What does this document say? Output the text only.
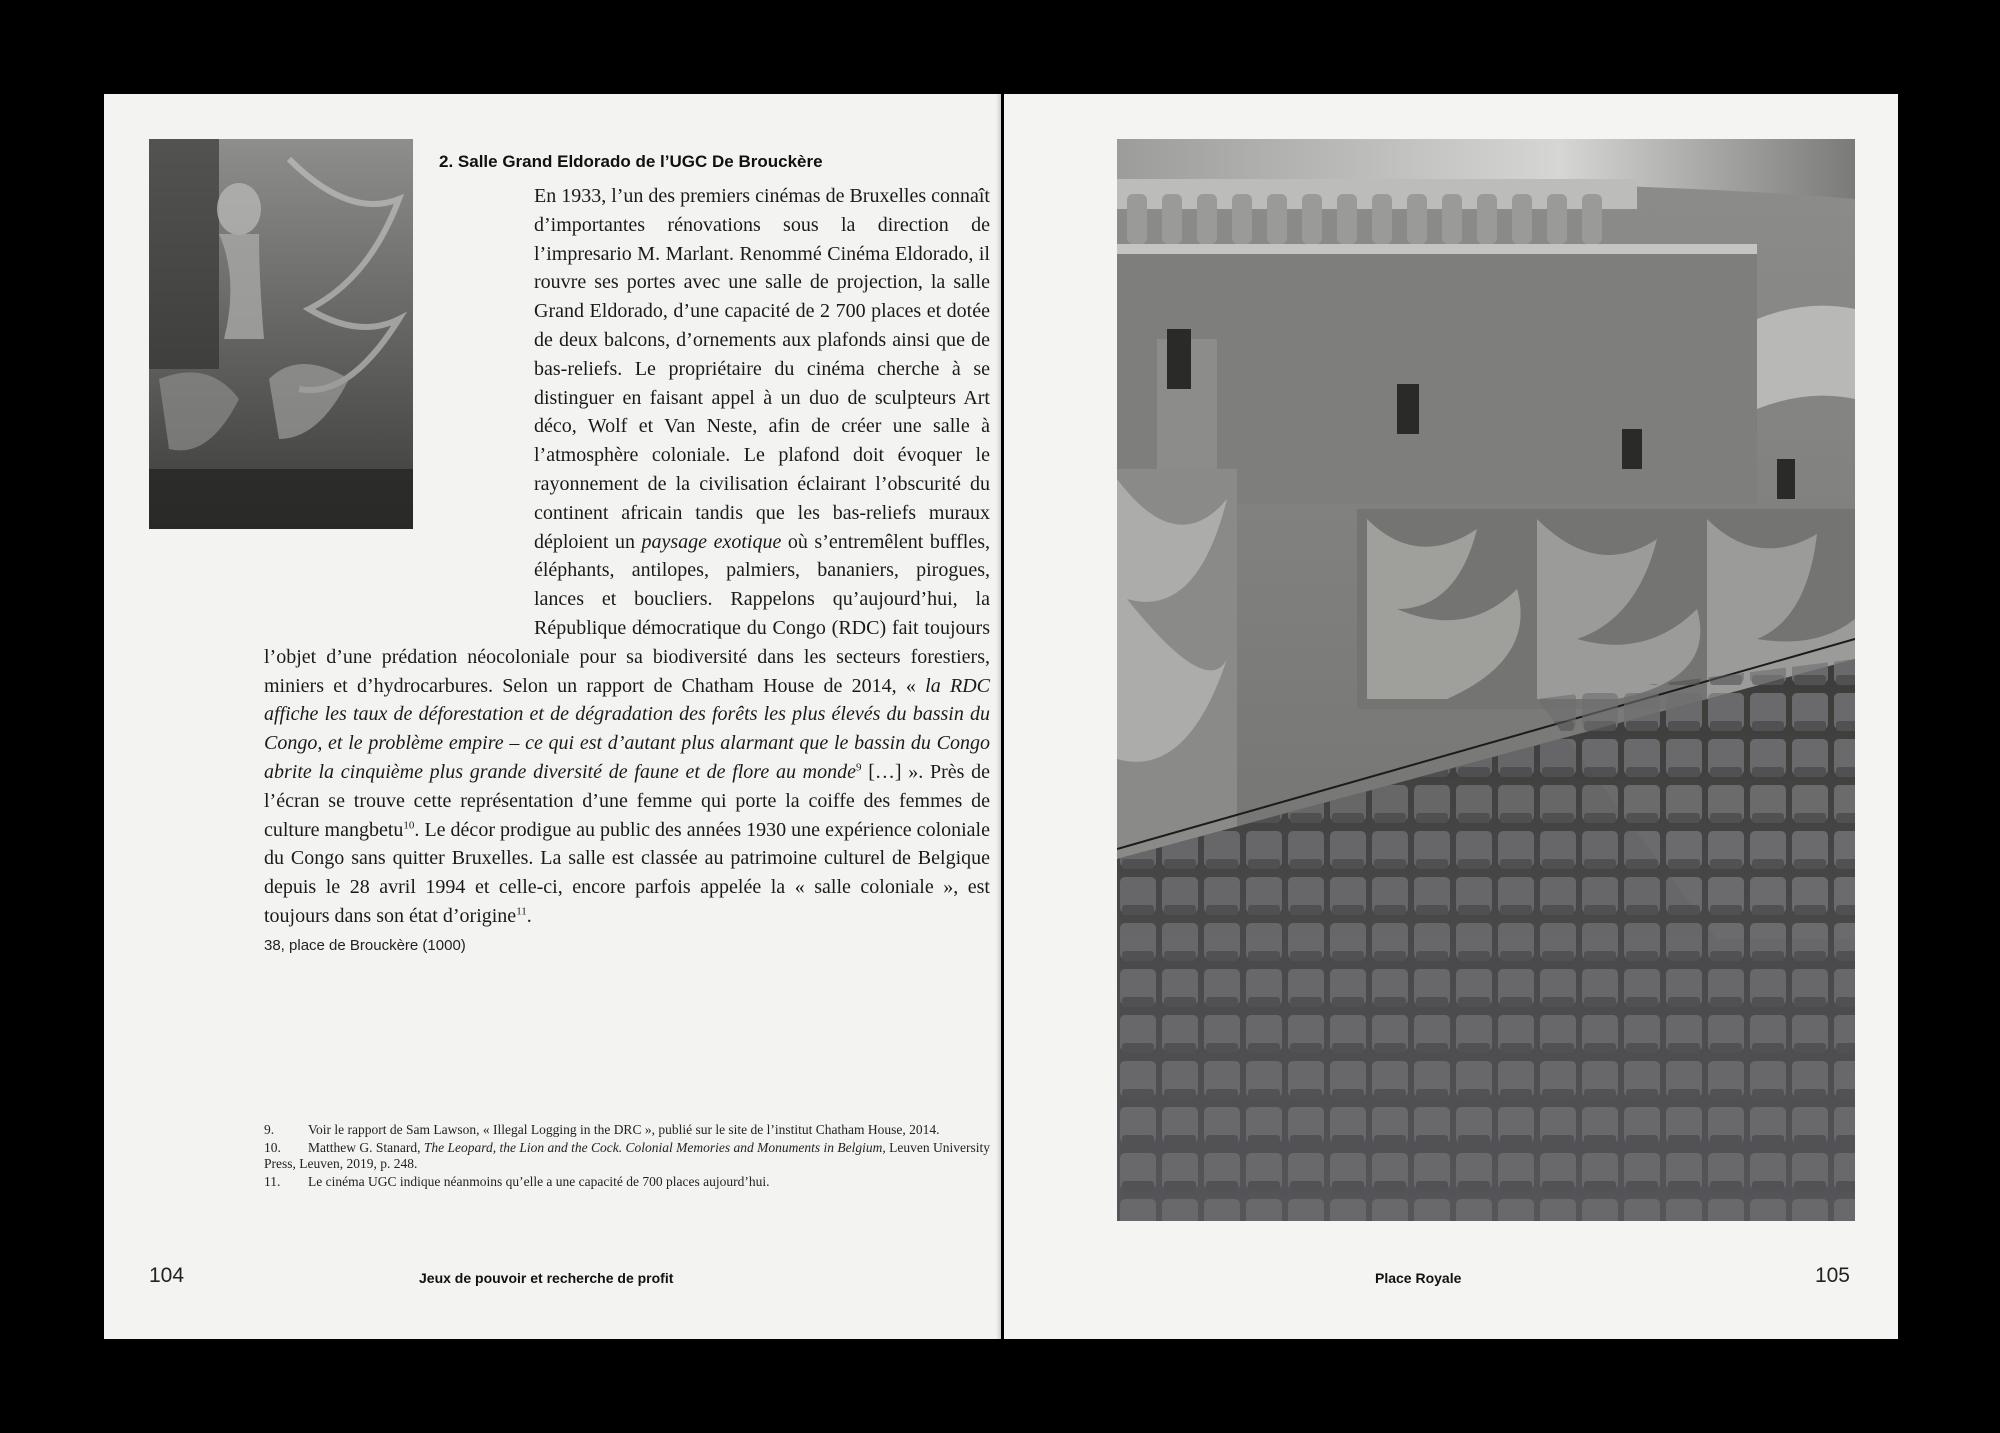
2. Salle Grand Eldorado de l’UGC De Brouckère

En 1933, l’un des premiers cinémas de Bruxelles connaît d’importantes rénovations sous la direction de l’impresario M. Marlant. Renommé Cinéma Eldorado, il rouvre ses portes avec une salle de projection, la salle Grand Eldorado, d’une capacité de 2 700 places et dotée de deux balcons, d’ornements aux plafonds ainsi que de bas-reliefs. Le propriétaire du cinéma cherche à se distinguer en faisant appel à un duo de sculpteurs Art déco, Wolf et Van Neste, afin de créer une salle à l’atmosphère coloniale. Le plafond doit évoquer le rayonnement de la civilisation éclairant l’obscurité du continent africain tandis que les bas-reliefs muraux déploient un paysage exotique où s’entremêlent buffles, éléphants, antilopes, palmiers, bananiers, pirogues, lances et boucliers. Rappelons qu’aujourd’hui, la République démocratique du Congo (RDC) fait toujours l’objet d’une prédation néocoloniale pour sa biodiversité dans les secteurs forestiers, miniers et d’hydrocarbures. Selon un rapport de Chatham House de 2014, « la RDC affiche les taux de déforestation et de dégradation des forêts les plus élevés du bassin du Congo, et le problème empire – ce qui est d’autant plus alarmant que le bassin du Congo abrite la cinquième plus grande diversité de faune et de flore au monde$^9$ […] ». Près de l’écran se trouve cette représentation d’une femme qui porte la coiffe des femmes de culture mangbetu$^{10}$. Le décor prodigue au public des années 1930 une expérience coloniale du Congo sans quitter Bruxelles. La salle est classée au patrimoine culturel de Belgique depuis le 28 avril 1994 et celle-ci, encore parfois appelée la « salle coloniale », est toujours dans son état d’origine$^{11}$.

38, place de Brouckère (1000)

9.	Voir le rapport de Sam Lawson, « Illegal Logging in the DRC », publié sur le site de l’institut Chatham House, 2014.

10. Matthew G. Stanard, The Leopard, the Lion and the Cock. Colonial Memories and Monuments in Belgium, Leuven University Press, Leuven, 2019, p. 248.

11. Le cinéma UGC indique néanmoins qu’elle a une capacité de 700 places aujourd’hui.

104	Jeux de pouvoir et recherche de profit	Place Royale	105
